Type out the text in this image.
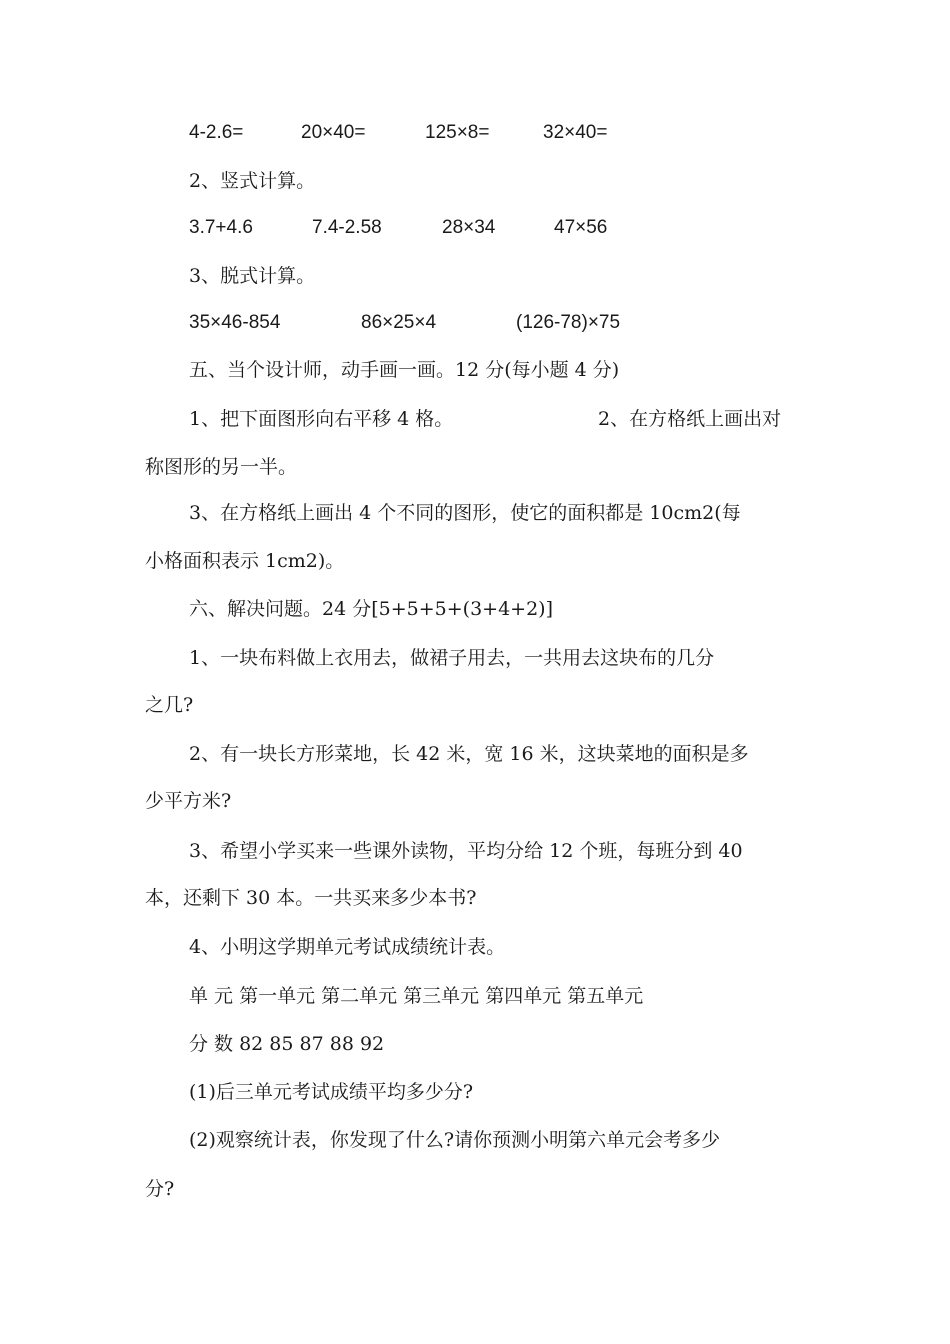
4-2.6=	20×40=	125×8=	32×40=
2、竖式计算。
3.7+4.6	7.4-2.58	28×34	47×56
3、脱式计算。
35×46-854	86×25×4	(126-78)×75
五、当个设计师，动手画一画。12 分(每小题 4 分)
1、把下面图形向右平移 4 格。	2、在方格纸上画出对
称图形的另一半。
3、在方格纸上画出 4 个不同的图形，使它的面积都是 10cm2(每
小格面积表示 1cm2)。
六、解决问题。24 分[5+5+5+(3+4+2)]
1、一块布料做上衣用去，做裙子用去，一共用去这块布的几分
之几?
2、有一块长方形菜地，长 42 米，宽 16 米，这块菜地的面积是多
少平方米?
3、希望小学买来一些课外读物，平均分给 12 个班，每班分到 40
本，还剩下 30 本。一共买来多少本书?
4、小明这学期单元考试成绩统计表。
单 元 第一单元 第二单元 第三单元 第四单元 第五单元
分 数 82 85 87 88 92
(1)后三单元考试成绩平均多少分?
(2)观察统计表，你发现了什么?请你预测小明第六单元会考多少
分?
